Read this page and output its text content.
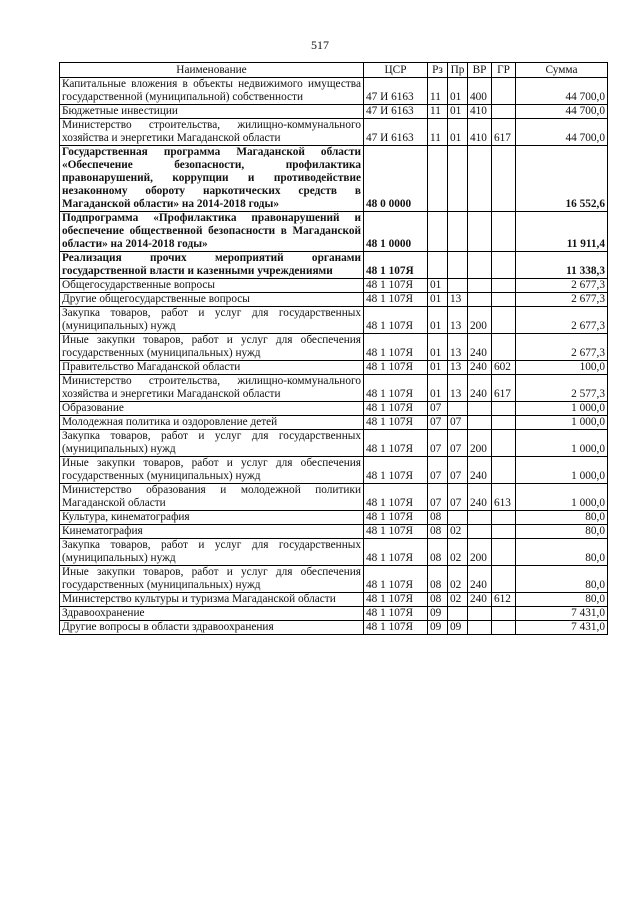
517
Наименование	ЦСР	Рз	Пр	ВР	ГР	Сумма
Капитальные вложения в объекты недвижимого имущества государственной (муниципальной) собственности	47 И 6163	11	01	400		44 700,0
Бюджетные инвестиции	47 И 6163	11	01	410		44 700,0
Министерство строительства, жилищно-коммунального хозяйства и энергетики Магаданской области	47 И 6163	11	01	410	617	44 700,0
Государственная программа Магаданской области «Обеспечение безопасности, профилактика правонарушений, коррупции и противодействие незаконному обороту наркотических средств в Магаданской области» на 2014-2018 годы»	48 0 0000					16 552,6
Подпрограмма «Профилактика правонарушений и обеспечение общественной безопасности в Магаданской области» на 2014-2018 годы»	48 1 0000					11 911,4
Реализация прочих мероприятий органами государственной власти и казенными учреждениями	48 1 107Я					11 338,3
Общегосударственные вопросы	48 1 107Я	01				2 677,3
Другие общегосударственные вопросы	48 1 107Я	01	13			2 677,3
Закупка товаров, работ и услуг для государственных (муниципальных) нужд	48 1 107Я	01	13	200		2 677,3
Иные закупки товаров, работ и услуг для обеспечения государственных (муниципальных) нужд	48 1 107Я	01	13	240		2 677,3
Правительство Магаданской области	48 1 107Я	01	13	240	602	100,0
Министерство строительства, жилищно-коммунального хозяйства и энергетики Магаданской области	48 1 107Я	01	13	240	617	2 577,3
Образование	48 1 107Я	07				1 000,0
Молодежная политика и оздоровление детей	48 1 107Я	07	07			1 000,0
Закупка товаров, работ и услуг для государственных (муниципальных) нужд	48 1 107Я	07	07	200		1 000,0
Иные закупки товаров, работ и услуг для обеспечения государственных (муниципальных) нужд	48 1 107Я	07	07	240		1 000,0
Министерство образования и молодежной политики Магаданской области	48 1 107Я	07	07	240	613	1 000,0
Культура, кинематография	48 1 107Я	08				80,0
Кинематография	48 1 107Я	08	02			80,0
Закупка товаров, работ и услуг для государственных (муниципальных) нужд	48 1 107Я	08	02	200		80,0
Иные закупки товаров, работ и услуг для обеспечения государственных (муниципальных) нужд	48 1 107Я	08	02	240		80,0
Министерство культуры и туризма Магаданской области	48 1 107Я	08	02	240	612	80,0
Здравоохранение	48 1 107Я	09				7 431,0
Другие вопросы в области здравоохранения	48 1 107Я	09	09			7 431,0
